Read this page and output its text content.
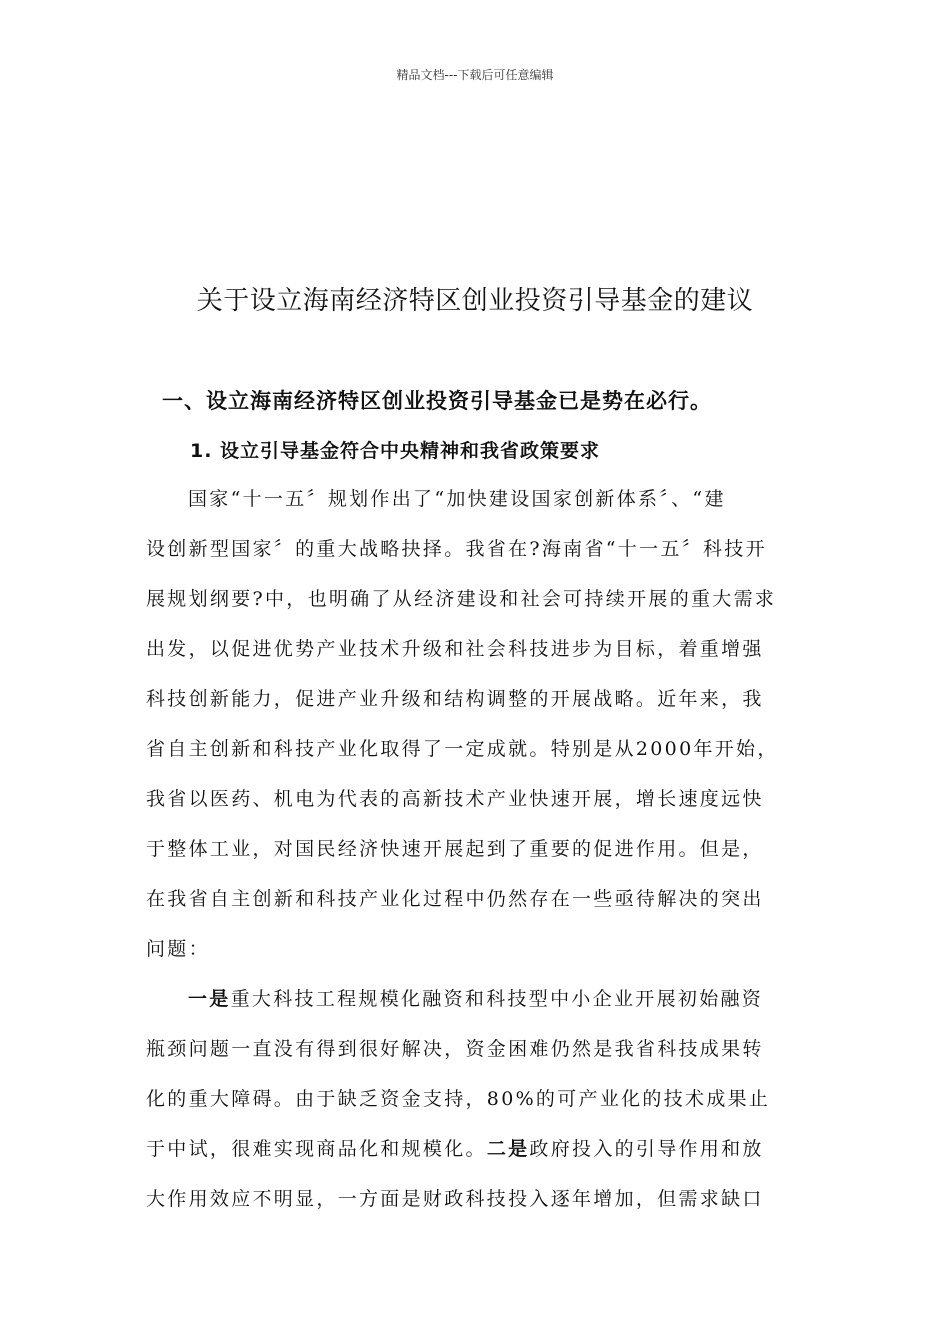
精品文档---下载后可任意编辑
关于设立海南经济特区创业投资引导基金的建议
一、设立海南经济特区创业投资引导基金已是势在必行。
1. 设立引导基金符合中央精神和我省政策要求
国家“十一五〞规划作出了“加快建设国家创新体系〞、“建
设创新型国家〞的重大战略抉择。我省在?海南省“十一五〞科技开
展规划纲要?中，也明确了从经济建设和社会可持续开展的重大需求
出发，以促进优势产业技术升级和社会科技进步为目标，着重增强
科技创新能力，促进产业升级和结构调整的开展战略。近年来，我
省自主创新和科技产业化取得了一定成就。特别是从2000年开始，
我省以医药、机电为代表的高新技术产业快速开展，增长速度远快
于整体工业，对国民经济快速开展起到了重要的促进作用。但是，
在我省自主创新和科技产业化过程中仍然存在一些亟待解决的突出
问题：
一是重大科技工程规模化融资和科技型中小企业开展初始融资
瓶颈问题一直没有得到很好解决，资金困难仍然是我省科技成果转
化的重大障碍。由于缺乏资金支持，80%的可产业化的技术成果止
于中试，很难实现商品化和规模化。二是政府投入的引导作用和放
大作用效应不明显，一方面是财政科技投入逐年增加，但需求缺口
